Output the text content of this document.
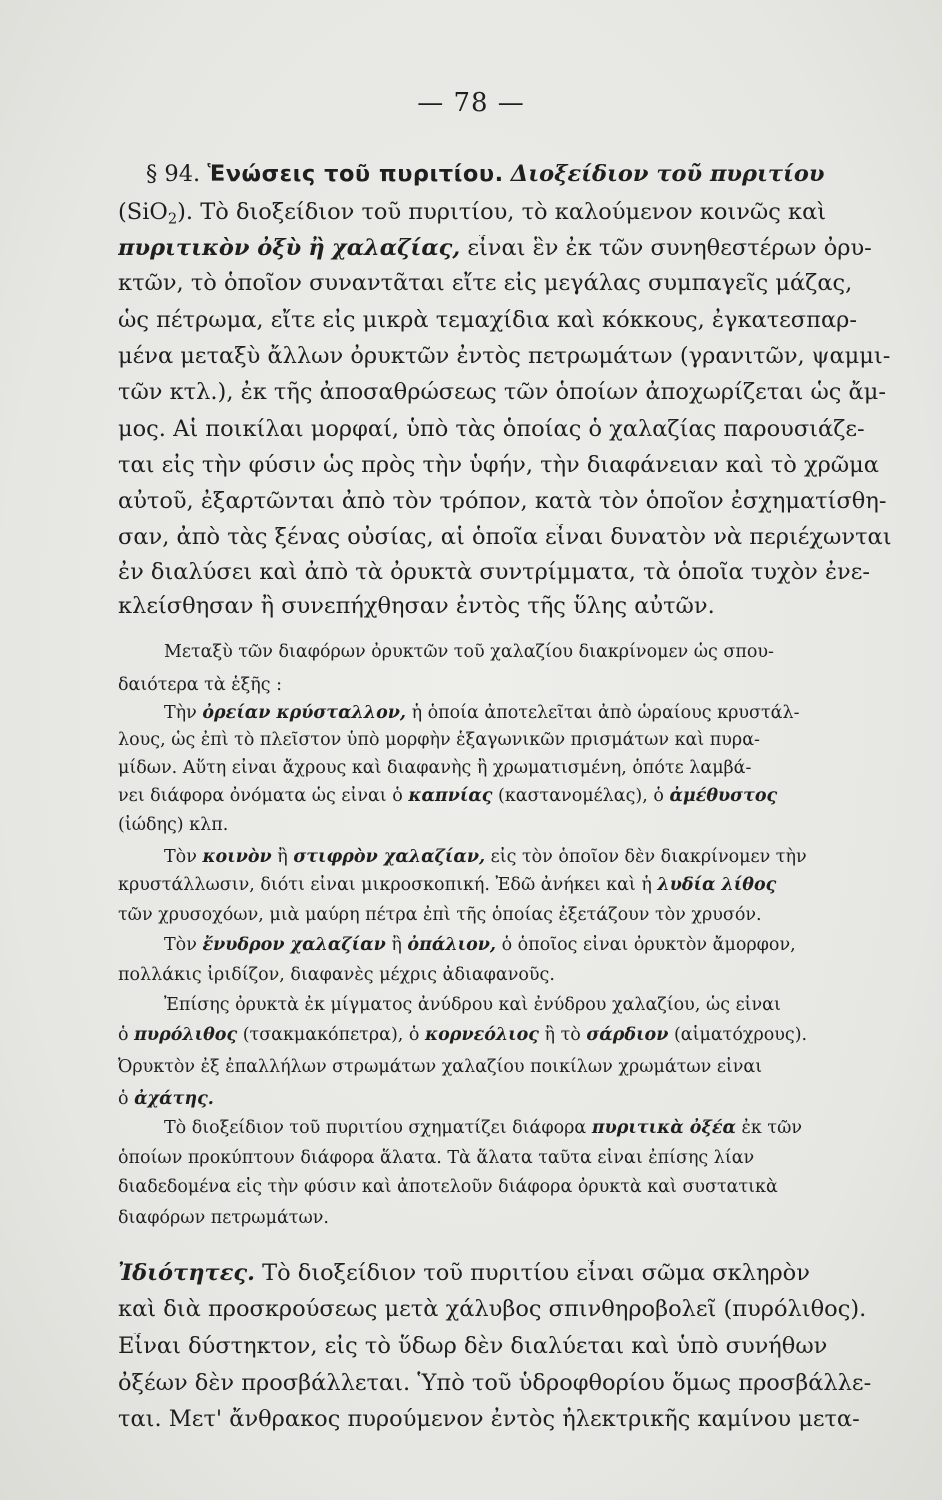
— 78 —
§ 94. Ἑνώσεις τοῦ πυριτίου. Διοξείδιον τοῦ πυριτίου
(SiO$_2$). Τὸ διοξείδιον τοῦ πυριτίου, τὸ καλούμενον κοινῶς καὶ
πυριτικὸν ὀξὺ ἢ χαλαζίας, εἶναι ἓν ἐκ τῶν συνηθεστέρων ὀρυ-
κτῶν, τὸ ὁποῖον συναντᾶται εἴτε εἰς μεγάλας συμπαγεῖς μάζας,
ὡς πέτρωμα, εἴτε εἰς μικρὰ τεμαχίδια καὶ κόκκους, ἐγκατεσπαρ-
μένα μεταξὺ ἄλλων ὀρυκτῶν ἐντὸς πετρωμάτων (γρανιτῶν, ψαμμι-
τῶν κτλ.), ἐκ τῆς ἀποσαθρώσεως τῶν ὁποίων ἀποχωρίζεται ὡς ἄμ-
μος. Αἱ ποικίλαι μορφαί, ὑπὸ τὰς ὁποίας ὁ χαλαζίας παρουσιάζε-
ται εἰς τὴν φύσιν ὡς πρὸς τὴν ὑφήν, τὴν διαφάνειαν καὶ τὸ χρῶμα
αὐτοῦ, ἐξαρτῶνται ἀπὸ τὸν τρόπον, κατὰ τὸν ὁποῖον ἐσχηματίσθη-
σαν, ἀπὸ τὰς ξένας οὐσίας, αἱ ὁποῖα εἶναι δυνατὸν νὰ περιέχωνται
ἐν διαλύσει καὶ ἀπὸ τὰ ὀρυκτὰ συντρίμματα, τὰ ὁποῖα τυχὸν ἐνε-
κλείσθησαν ἢ συνεπήχθησαν ἐντὸς τῆς ὕλης αὐτῶν.
Μεταξὺ τῶν διαφόρων ὀρυκτῶν τοῦ χαλαζίου διακρίνομεν ὡς σπου-
δαιότερα τὰ ἑξῆς :
Τὴν ὀρείαν κρύσταλλον, ἡ ὁποία ἀποτελεῖται ἀπὸ ὡραίους κρυστάλ-
λους, ὡς ἐπὶ τὸ πλεῖστον ὑπὸ μορφὴν ἑξαγωνικῶν πρισμάτων καὶ πυρα-
μίδων. Αὕτη εἶναι ἄχρους καὶ διαφανὴς ἢ χρωματισμένη, ὁπότε λαμβά-
νει διάφορα ὀνόματα ὡς εἶναι ὁ καπνίας (καστανομέλας), ὁ ἀμέθυστος
(ἰώδης) κλπ.
Τὸν κοινὸν ἢ στιφρὸν χαλαζίαν, εἰς τὸν ὁποῖον δὲν διακρίνομεν τὴν
κρυστάλλωσιν, διότι εἶναι μικροσκοπική. Ἐδῶ ἀνήκει καὶ ἡ λυδία λίθος
τῶν χρυσοχόων, μιὰ μαύρη πέτρα ἐπὶ τῆς ὁποίας ἐξετάζουν τὸν χρυσόν.
Τὸν ἔνυδρον χαλαζίαν ἢ ὀπάλιον, ὁ ὁποῖος εἶναι ὀρυκτὸν ἄμορφον,
πολλάκις ἰριδίζον, διαφανὲς μέχρις ἀδιαφανοῦς.
Ἐπίσης ὀρυκτὰ ἐκ μίγματος ἀνύδρου καὶ ἐνύδρου χαλαζίου, ὡς εἶναι
ὁ πυρόλιθος (τσακμακόπετρα), ὁ κορνεόλιος ἢ τὸ σάρδιον (αἱματόχρους).
Ὀρυκτὸν ἐξ ἐπαλλήλων στρωμάτων χαλαζίου ποικίλων χρωμάτων εἶναι
ὁ ἀχάτης.
Τὸ διοξείδιον τοῦ πυριτίου σχηματίζει διάφορα πυριτικὰ ὀξέα ἐκ τῶν
ὁποίων προκύπτουν διάφορα ἅλατα. Τὰ ἅλατα ταῦτα εἶναι ἐπίσης λίαν
διαδεδομένα εἰς τὴν φύσιν καὶ ἀποτελοῦν διάφορα ὀρυκτὰ καὶ συστατικὰ
διαφόρων πετρωμάτων.
Ἰδιότητες. Τὸ διοξείδιον τοῦ πυριτίου εἶναι σῶμα σκληρὸν
καὶ διὰ προσκρούσεως μετὰ χάλυβος σπινθηροβολεῖ (πυρόλιθος).
Εἶναι δύστηκτον, εἰς τὸ ὕδωρ δὲν διαλύεται καὶ ὑπὸ συνήθων
ὀξέων δὲν προσβάλλεται. Ὑπὸ τοῦ ὑδροφθορίου ὅμως προσβάλλε-
ται. Μετ' ἄνθρακος πυρούμενον ἐντὸς ἠλεκτρικῆς καμίνου μετα-
